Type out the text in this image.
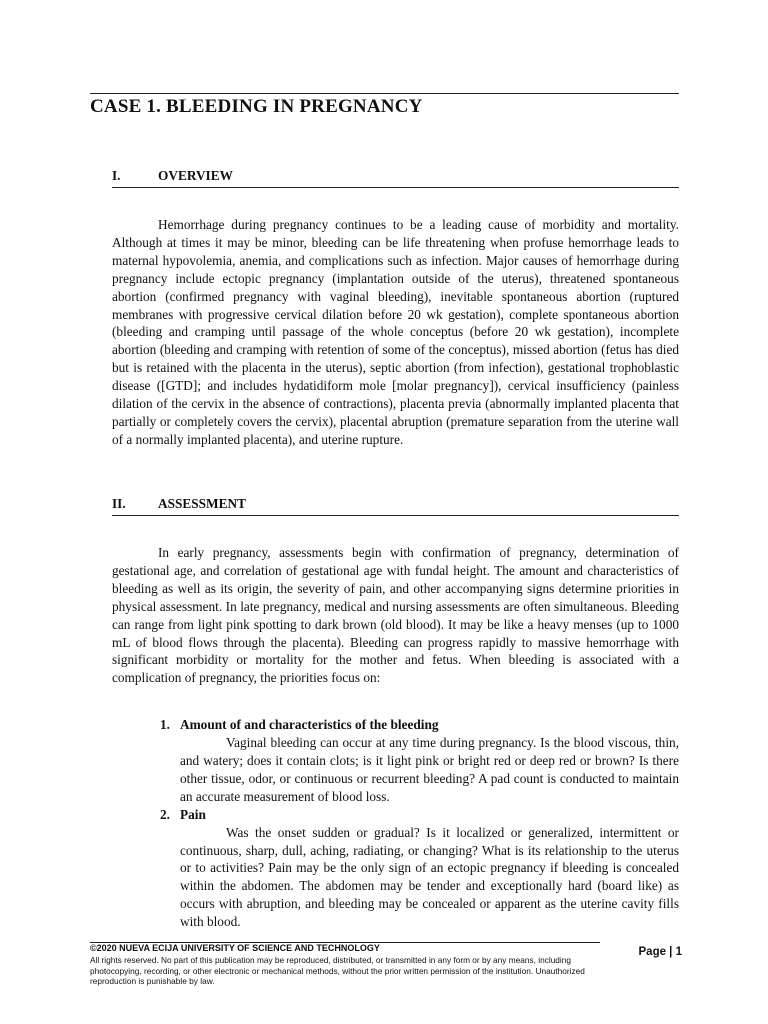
CASE 1. BLEEDING IN PREGNANCY
I.	OVERVIEW

Hemorrhage during pregnancy continues to be a leading cause of morbidity and mortality. Although at times it may be minor, bleeding can be life threatening when profuse hemorrhage leads to maternal hypovolemia, anemia, and complications such as infection. Major causes of hemorrhage during pregnancy include ectopic pregnancy (implantation outside of the uterus), threatened spontaneous abortion (confirmed pregnancy with vaginal bleeding), inevitable spontaneous abortion (ruptured membranes with progressive cervical dilation before 20 wk gestation), complete spontaneous abortion (bleeding and cramping until passage of the whole conceptus (before 20 wk gestation), incomplete abortion (bleeding and cramping with retention of some of the conceptus), missed abortion (fetus has died but is retained with the placenta in the uterus), septic abortion (from infection), gestational trophoblastic disease ([GTD]; and includes hydatidiform mole [molar pregnancy]), cervical insufficiency (painless dilation of the cervix in the absence of contractions), placenta previa (abnormally implanted placenta that partially or completely covers the cervix), placental abruption (premature separation from the uterine wall of a normally implanted placenta), and uterine rupture.

II. ASSESSMENT

In early pregnancy, assessments begin with confirmation of pregnancy, determination of gestational age, and correlation of gestational age with fundal height. The amount and characteristics of bleeding as well as its origin, the severity of pain, and other accompanying signs determine priorities in physical assessment. In late pregnancy, medical and nursing assessments are often simultaneous. Bleeding can range from light pink spotting to dark brown (old blood). It may be like a heavy menses (up to 1000 mL of blood flows through the placenta). Bleeding can progress rapidly to massive hemorrhage with significant morbidity or mortality for the mother and fetus. When bleeding is associated with a complication of pregnancy, the priorities focus on:

1. Amount of and characteristics of the bleeding

Vaginal bleeding can occur at any time during pregnancy. Is the blood viscous, thin, and watery; does it contain clots; is it light pink or bright red or deep red or brown? Is there other tissue, odor, or continuous or recurrent bleeding? A pad count is conducted to maintain an accurate measurement of blood loss.

2. Pain

Was the onset sudden or gradual? Is it localized or generalized, intermittent or continuous, sharp, dull, aching, radiating, or changing? What is its relationship to the uterus or to activities? Pain may be the only sign of an ectopic pregnancy if bleeding is concealed within the abdomen. The abdomen may be tender and exceptionally hard (board like) as occurs with abruption, and bleeding may be concealed or apparent as the uterine cavity fills with blood.

©2020 NUEVA ECIJA UNIVERSITY OF SCIENCE AND TECHNOLOGY

All rights reserved. No part of this publication may be reproduced, distributed, or transmitted in any form or by any means, including photocopying, recording, or other electronic or mechanical methods, without the prior written permission of the institution. Unauthorized reproduction is punishable by law.

Page | 1
